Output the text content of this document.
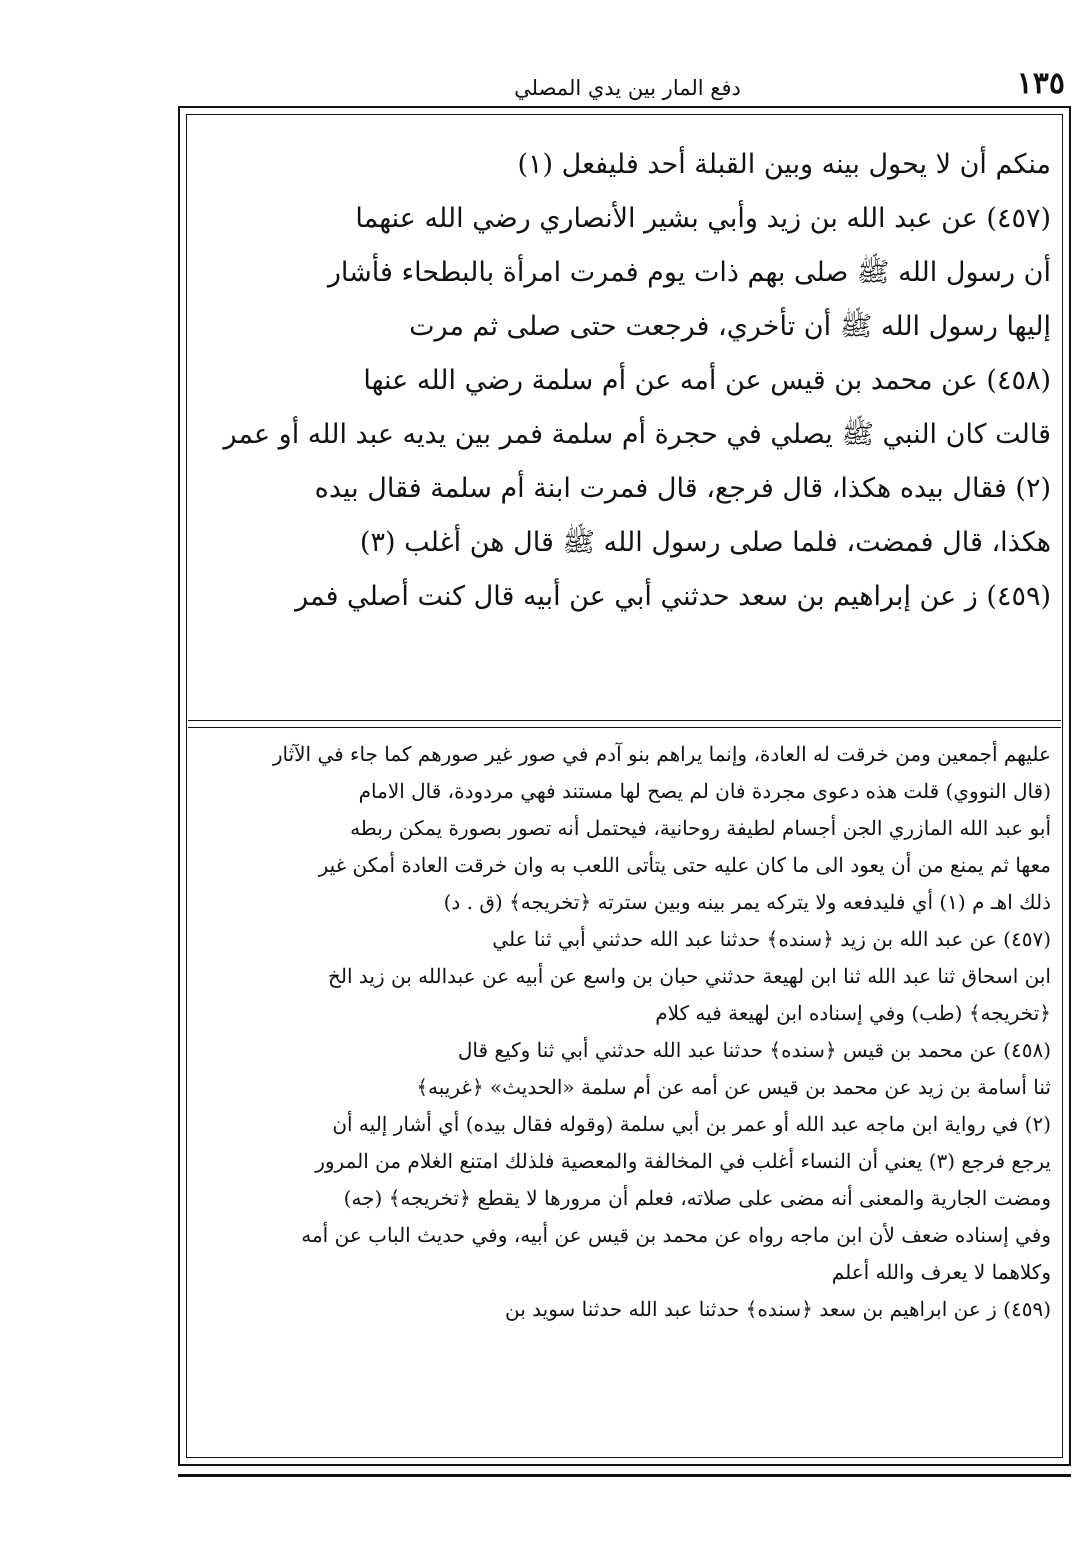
١٣٥
دفع المار بين يدي المصلي
منكم أن لا يحول بينه وبين القبلة أحد فليفعل (١)
(٤٥٧) عن عبد الله بن زيد وأبي بشير الأنصاري رضي الله عنهما
أن رسول الله ﷺ صلى بهم ذات يوم فمرت امرأة بالبطحاء فأشار
إليها رسول الله ﷺ أن تأخري، فرجعت حتى صلى ثم مرت
(٤٥٨) عن محمد بن قيس عن أمه عن أم سلمة رضي الله عنها
قالت كان النبي ﷺ يصلي في حجرة أم سلمة فمر بين يديه عبد الله أو عمر
(٢) فقال بيده هكذا، قال فرجع، قال فمرت ابنة أم سلمة فقال بيده
هكذا، قال فمضت، فلما صلى رسول الله ﷺ قال هن أغلب (٣)
(٤٥٩) ز عن إبراهيم بن سعد حدثني أبي عن أبيه قال كنت أصلي فمر
عليهم أجمعين ومن خرقت له العادة، وإنما يراهم بنو آدم في صور غير صورهم كما جاء في الآثار
(قال النووي) قلت هذه دعوى مجردة فان لم يصح لها مستند فهي مردودة، قال الامام
أبو عبد الله المازري الجن أجسام لطيفة روحانية، فيحتمل أنه تصور بصورة يمكن ربطه
معها ثم يمنع من أن يعود الى ما كان عليه حتى يتأتى اللعب به وان خرقت العادة أمكن غير
ذلك اهـ م (١) أي فليدفعه ولا يتركه يمر بينه وبين سترته ﴿تخريجه﴾ (ق . د)
(٤٥٧) عن عبد الله بن زيد ﴿سنده﴾ حدثنا عبد الله حدثني أبي ثنا علي
ابن اسحاق ثنا عبد الله ثنا ابن لهيعة حدثني حبان بن واسع عن أبيه عن عبدالله بن زيد الخ
﴿تخريجه﴾ (طب) وفي إسناده ابن لهيعة فيه كلام
(٤٥٨) عن محمد بن قيس ﴿سنده﴾ حدثنا عبد الله حدثني أبي ثنا وكيع قال
ثنا أسامة بن زيد عن محمد بن قيس عن أمه عن أم سلمة «الحديث» ﴿غريبه﴾
(٢) في رواية ابن ماجه عبد الله أو عمر بن أبي سلمة (وقوله فقال بيده) أي أشار إليه أن
يرجع فرجع (٣) يعني أن النساء أغلب في المخالفة والمعصية فلذلك امتنع الغلام من المرور
ومضت الجارية والمعنى أنه مضى على صلاته، فعلم أن مرورها لا يقطع ﴿تخريجه﴾ (جه)
وفي إسناده ضعف لأن ابن ماجه رواه عن محمد بن قيس عن أبيه، وفي حديث الباب عن أمه
وكلاهما لا يعرف والله أعلم
(٤٥٩) ز عن ابراهيم بن سعد ﴿سنده﴾ حدثنا عبد الله حدثنا سويد بن
